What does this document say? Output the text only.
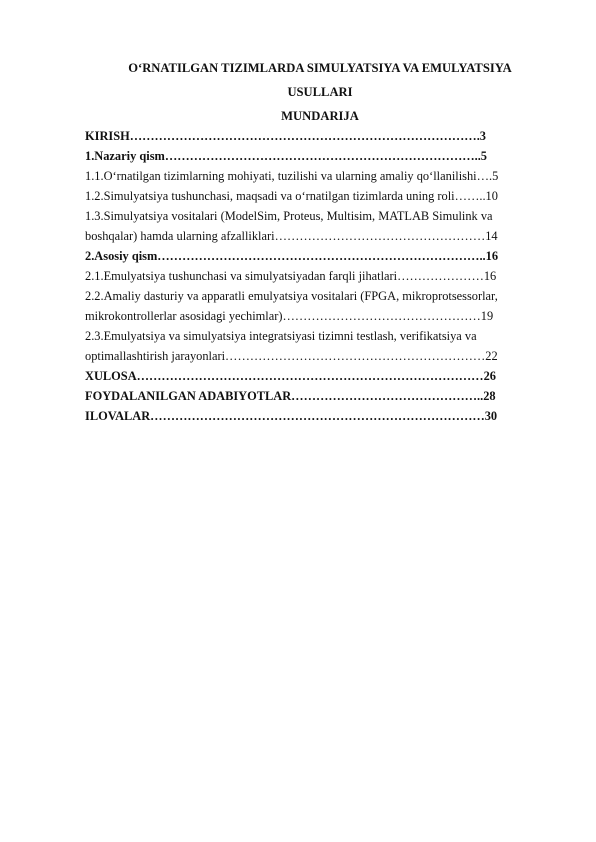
O‘RNATILGAN TIZIMLARDA SIMULYATSIYA VA EMULYATSIYA

USULLARI

MUNDARIJA

KIRISH………………………………………………………………………….3
1.Nazariy qism…………………………………………………………………..5
1.1.O‘rnatilgan tizimlarning mohiyati, tuzilishi va ularning amaliy qo‘llanilishi….5
1.2.Simulyatsiya tushunchasi, maqsadi va o‘rnatilgan tizimlarda uning roli……..10
1.3.Simulyatsiya vositalari (ModelSim, Proteus, Multisim, MATLAB Simulink va
boshqalar) hamda ularning afzalliklari……………………………………………14
2.Asosiy qism……………………………………………………………………..16
2.1.Emulyatsiya tushunchasi va simulyatsiyadan farqli jihatlari…………………16
2.2.Amaliy dasturiy va apparatli emulyatsiya vositalari (FPGA, mikroprotsessorlar,
mikrokontrollerlar asosidagi yechimlar)…………………………………………19
2.3.Emulyatsiya va simulyatsiya integratsiyasi tizimni testlash, verifikatsiya va
optimallashtirish jarayonlari………………………………………………………22
XULOSA…………………………………………………………………………26
FOYDALANILGAN ADABIYOTLAR………………………………………..28
ILOVALAR………………………………………………………………………30
